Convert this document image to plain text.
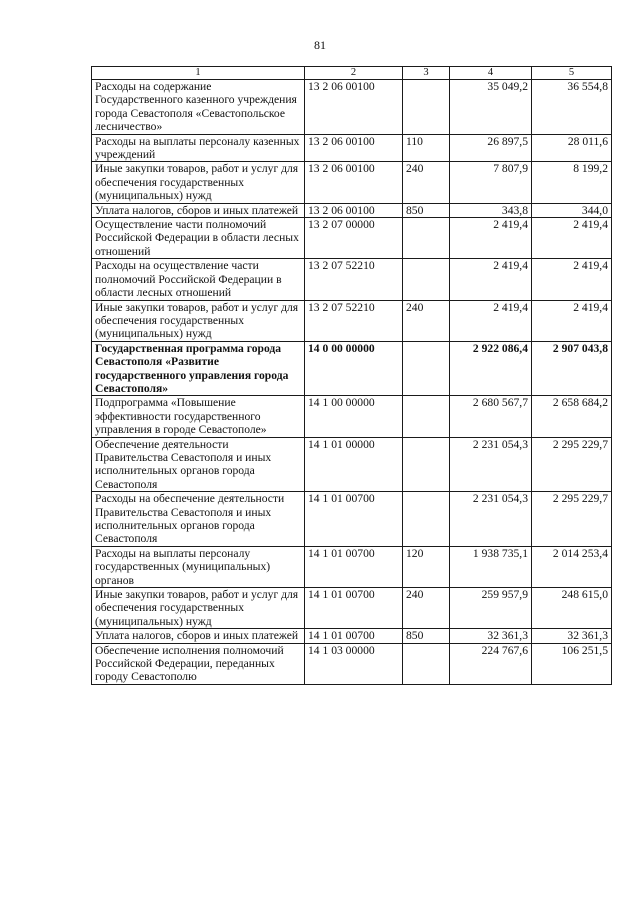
81
1	2	3	4	5
Расходы на содержание Государственного казенного учреждения города Севастополя «Севастопольское лесничество»	13 2 06 00100		35 049,2	36 554,8
Расходы на выплаты персоналу казенных учреждений	13 2 06 00100	110	26 897,5	28 011,6
Иные закупки товаров, работ и услуг для обеспечения государственных (муниципальных) нужд	13 2 06 00100	240	7 807,9	8 199,2
Уплата налогов, сборов и иных платежей	13 2 06 00100	850	343,8	344,0
Осуществление части полномочий Российской Федерации в области лесных отношений	13 2 07 00000		2 419,4	2 419,4
Расходы на осуществление части полномочий Российской Федерации в области лесных отношений	13 2 07 52210		2 419,4	2 419,4
Иные закупки товаров, работ и услуг для обеспечения государственных (муниципальных) нужд	13 2 07 52210	240	2 419,4	2 419,4
Государственная программа города Севастополя «Развитие государственного управления города Севастополя»	14 0 00 00000		2 922 086,4	2 907 043,8
Подпрограмма «Повышение эффективности государственного управления в городе Севастополе»	14 1 00 00000		2 680 567,7	2 658 684,2
Обеспечение деятельности Правительства Севастополя и иных исполнительных органов города Севастополя	14 1 01 00000		2 231 054,3	2 295 229,7
Расходы на обеспечение деятельности Правительства Севастополя и иных исполнительных органов города Севастополя	14 1 01 00700		2 231 054,3	2 295 229,7
Расходы на выплаты персоналу государственных (муниципальных) органов	14 1 01 00700	120	1 938 735,1	2 014 253,4
Иные закупки товаров, работ и услуг для обеспечения государственных (муниципальных) нужд	14 1 01 00700	240	259 957,9	248 615,0
Уплата налогов, сборов и иных платежей	14 1 01 00700	850	32 361,3	32 361,3
Обеспечение исполнения полномочий Российской Федерации, переданных городу Севастополю	14 1 03 00000		224 767,6	106 251,5
